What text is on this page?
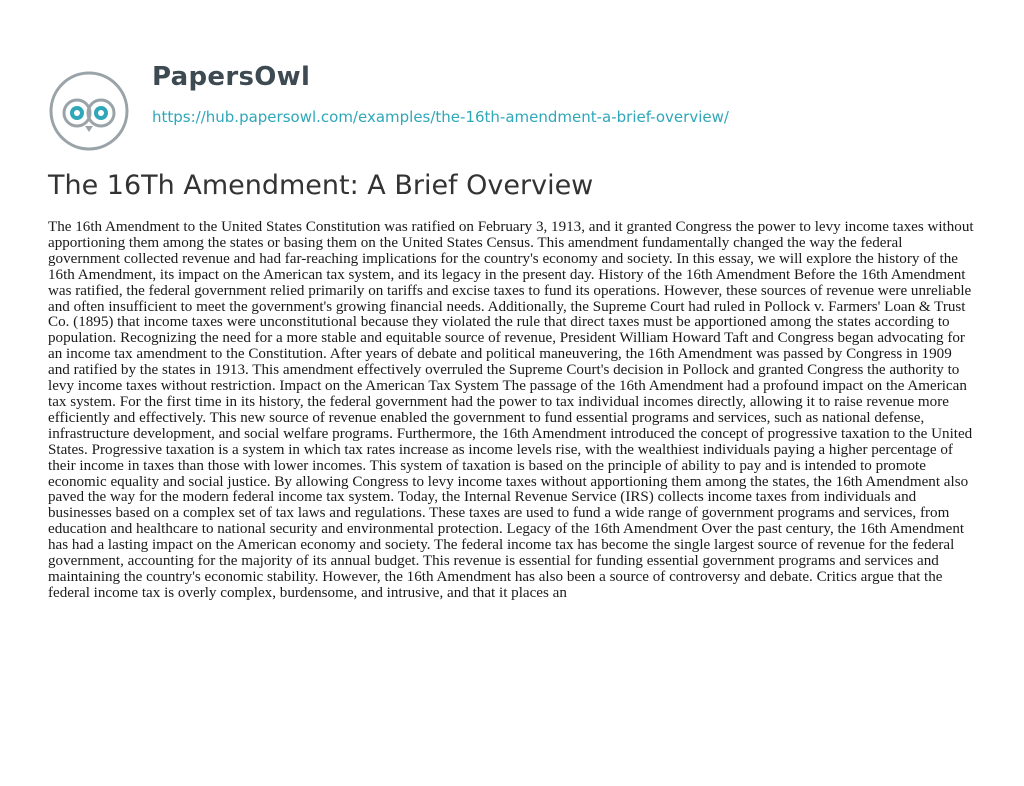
PapersOwl
https://hub.papersowl.com/examples/the-16th-amendment-a-brief-overview/
The 16Th Amendment: A Brief Overview

The 16th Amendment to the United States Constitution was ratified on February 3, 1913, and it granted Congress the power to levy income taxes without apportioning them among the states or basing them on the United States Census. This amendment fundamentally changed the way the federal government collected revenue and had far-reaching implications for the country's economy and society. In this essay, we will explore the history of the 16th Amendment, its impact on the American tax system, and its legacy in the present day. History of the 16th Amendment Before the 16th Amendment was ratified, the federal government relied primarily on tariffs and excise taxes to fund its operations. However, these sources of revenue were unreliable and often insufficient to meet the government's growing financial needs. Additionally, the Supreme Court had ruled in Pollock v. Farmers' Loan & Trust Co. (1895) that income taxes were unconstitutional because they violated the rule that direct taxes must be apportioned among the states according to population. Recognizing the need for a more stable and equitable source of revenue, President William Howard Taft and Congress began advocating for an income tax amendment to the Constitution. After years of debate and political maneuvering, the 16th Amendment was passed by Congress in 1909 and ratified by the states in 1913. This amendment effectively overruled the Supreme Court's decision in Pollock and granted Congress the authority to levy income taxes without restriction. Impact on the American Tax System The passage of the 16th Amendment had a profound impact on the American tax system. For the first time in its history, the federal government had the power to tax individual incomes directly, allowing it to raise revenue more efficiently and effectively. This new source of revenue enabled the government to fund essential programs and services, such as national defense, infrastructure development, and social welfare programs. Furthermore, the 16th Amendment introduced the concept of progressive taxation to the United States. Progressive taxation is a system in which tax rates increase as income levels rise, with the wealthiest individuals paying a higher percentage of their income in taxes than those with lower incomes. This system of taxation is based on the principle of ability to pay and is intended to promote economic equality and social justice. By allowing Congress to levy income taxes without apportioning them among the states, the 16th Amendment also paved the way for the modern federal income tax system. Today, the Internal Revenue Service (IRS) collects income taxes from individuals and businesses based on a complex set of tax laws and regulations. These taxes are used to fund a wide range of government programs and services, from education and healthcare to national security and environmental protection. Legacy of the 16th Amendment Over the past century, the 16th Amendment has had a lasting impact on the American economy and society. The federal income tax has become the single largest source of revenue for the federal government, accounting for the majority of its annual budget. This revenue is essential for funding essential government programs and services and maintaining the country's economic stability. However, the 16th Amendment has also been a source of controversy and debate. Critics argue that the federal income tax is overly complex, burdensome, and intrusive, and that it places an
